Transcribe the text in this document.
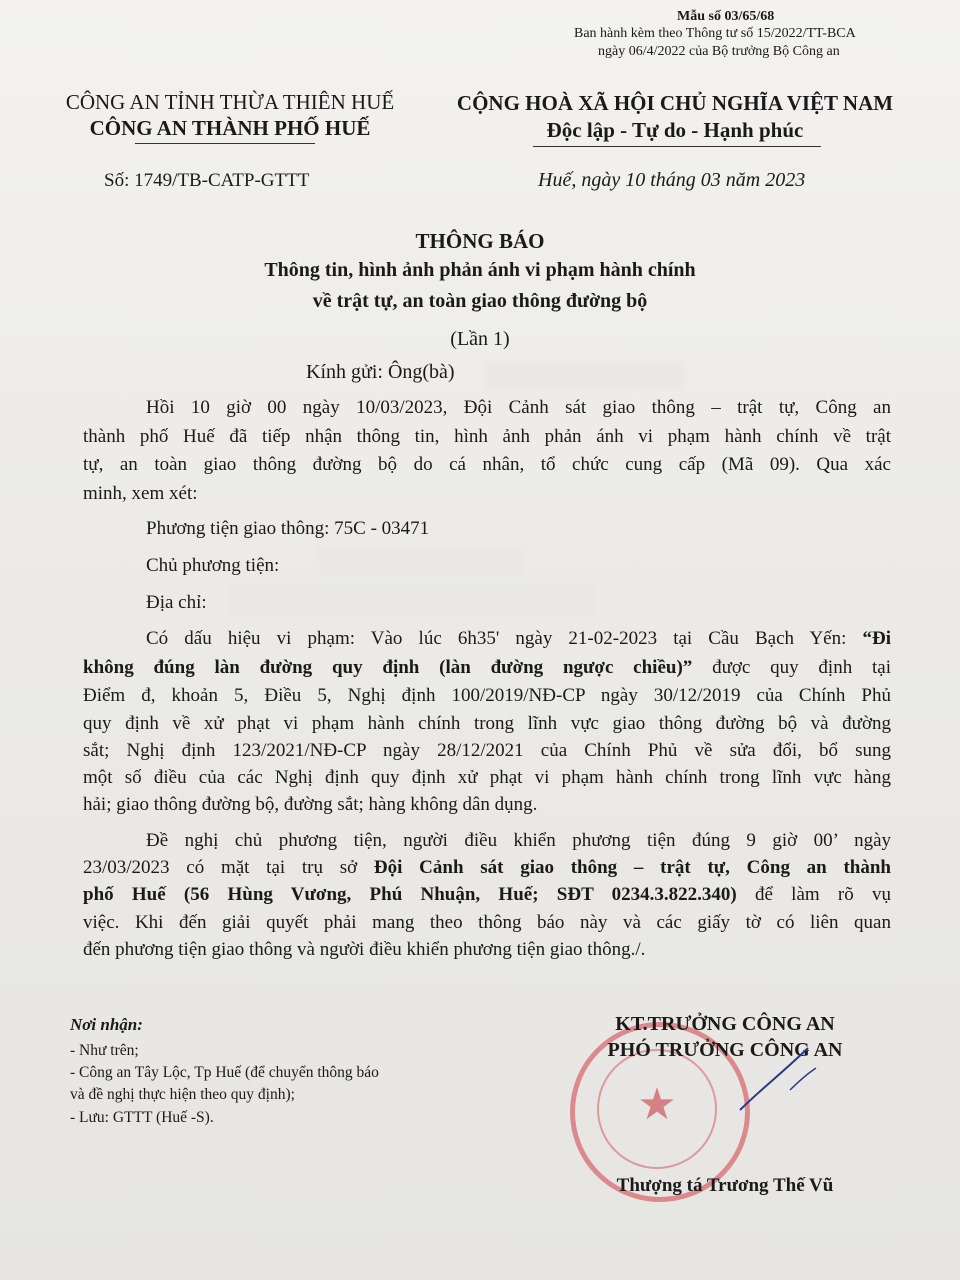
Mẫu số 03/65/68
Ban hành kèm theo Thông tư số 15/2022/TT-BCA
ngày 06/4/2022 của Bộ trưởng Bộ Công an
CÔNG AN TỈNH THỪA THIÊN HUẾ
CÔNG AN THÀNH PHỐ HUẾ
CỘNG HOÀ XÃ HỘI CHỦ NGHĨA VIỆT NAM
Độc lập - Tự do - Hạnh phúc
Số: 1749/TB-CATP-GTTT	Huế, ngày 10 tháng 03 năm 2023
THÔNG BÁO
Thông tin, hình ảnh phản ánh vi phạm hành chính
về trật tự, an toàn giao thông đường bộ
(Lần 1)
Kính gửi: Ông(bà)
Hồi 10 giờ 00 ngày 10/03/2023, Đội Cảnh sát giao thông – trật tự, Công an
thành phố Huế đã tiếp nhận thông tin, hình ảnh phản ánh vi phạm hành chính về trật
tự, an toàn giao thông đường bộ do cá nhân, tổ chức cung cấp (Mã 09). Qua xác
minh, xem xét:
Phương tiện giao thông: 75C - 03471
Chủ phương tiện:
Địa chỉ:
Có dấu hiệu vi phạm: Vào lúc 6h35' ngày 21-02-2023 tại Cầu Bạch Yến: “Đi
không đúng làn đường quy định (làn đường ngược chiều)” được quy định tại
Điểm đ, khoản 5, Điều 5, Nghị định 100/2019/NĐ-CP ngày 30/12/2019 của Chính Phủ
quy định về xử phạt vi phạm hành chính trong lĩnh vực giao thông đường bộ và đường
sắt; Nghị định 123/2021/NĐ-CP ngày 28/12/2021 của Chính Phủ về sửa đổi, bổ sung
một số điều của các Nghị định quy định xử phạt vi phạm hành chính trong lĩnh vực hàng
hải; giao thông đường bộ, đường sắt; hàng không dân dụng.
Đề nghị chủ phương tiện, người điều khiển phương tiện đúng 9 giờ 00’ ngày
23/03/2023 có mặt tại trụ sở Đội Cảnh sát giao thông – trật tự, Công an thành
phố Huế (56 Hùng Vương, Phú Nhuận, Huế; SĐT 0234.3.822.340) để làm rõ vụ
việc. Khi đến giải quyết phải mang theo thông báo này và các giấy tờ có liên quan
đến phương tiện giao thông và người điều khiển phương tiện giao thông./.
Nơi nhận:
- Như trên;
- Công an Tây Lộc, Tp Huế (để chuyển thông báo
và đề nghị thực hiện theo quy định);
- Lưu: GTTT (Huế -S).	★
KT.TRƯỞNG CÔNG AN
PHÓ TRƯỞNG CÔNG AN
Thượng tá Trương Thế Vũ
